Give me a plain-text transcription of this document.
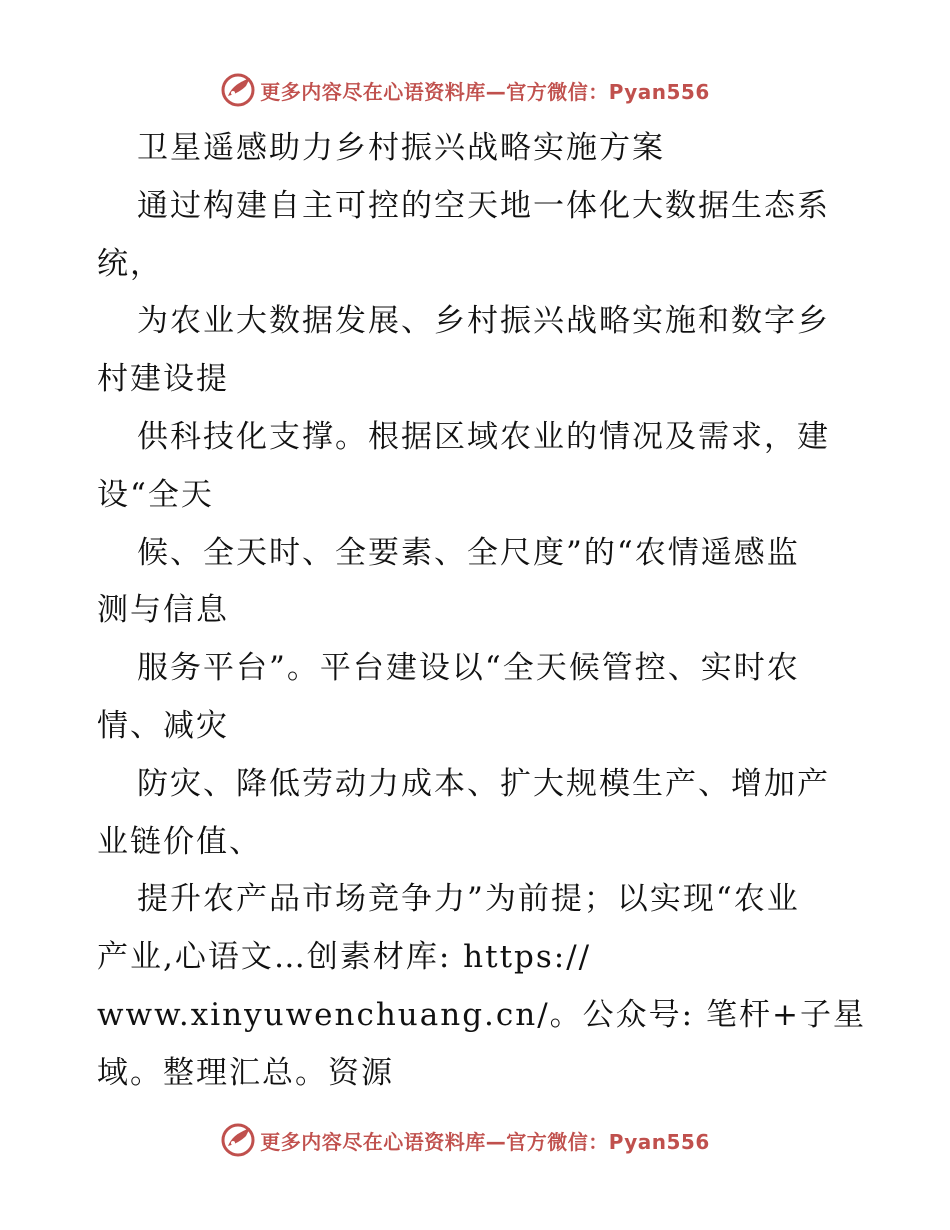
更多内容尽在心语资料库—官方微信：Pyan556
卫星遥感助力乡村振兴战略实施方案
通过构建自主可控的空天地一体化大数据生态系
统，
为农业大数据发展、乡村振兴战略实施和数字乡
村建设提
供科技化支撑。根据区域农业的情况及需求，建
设“全天
候、全天时、全要素、全尺度”的“农情遥感监
测与信息
服务平台”。平台建设以“全天候管控、实时农
情、减灾
防灾、降低劳动力成本、扩大规模生产、增加产
业链价值、
提升农产品市场竞争力”为前提；以实现“农业
产业,心语文…创素材库: https://
www.xinyuwenchuang.cn/。公众号: 笔杆+子星
域。整理汇总。资源
更多内容尽在心语资料库—官方微信：Pyan556
